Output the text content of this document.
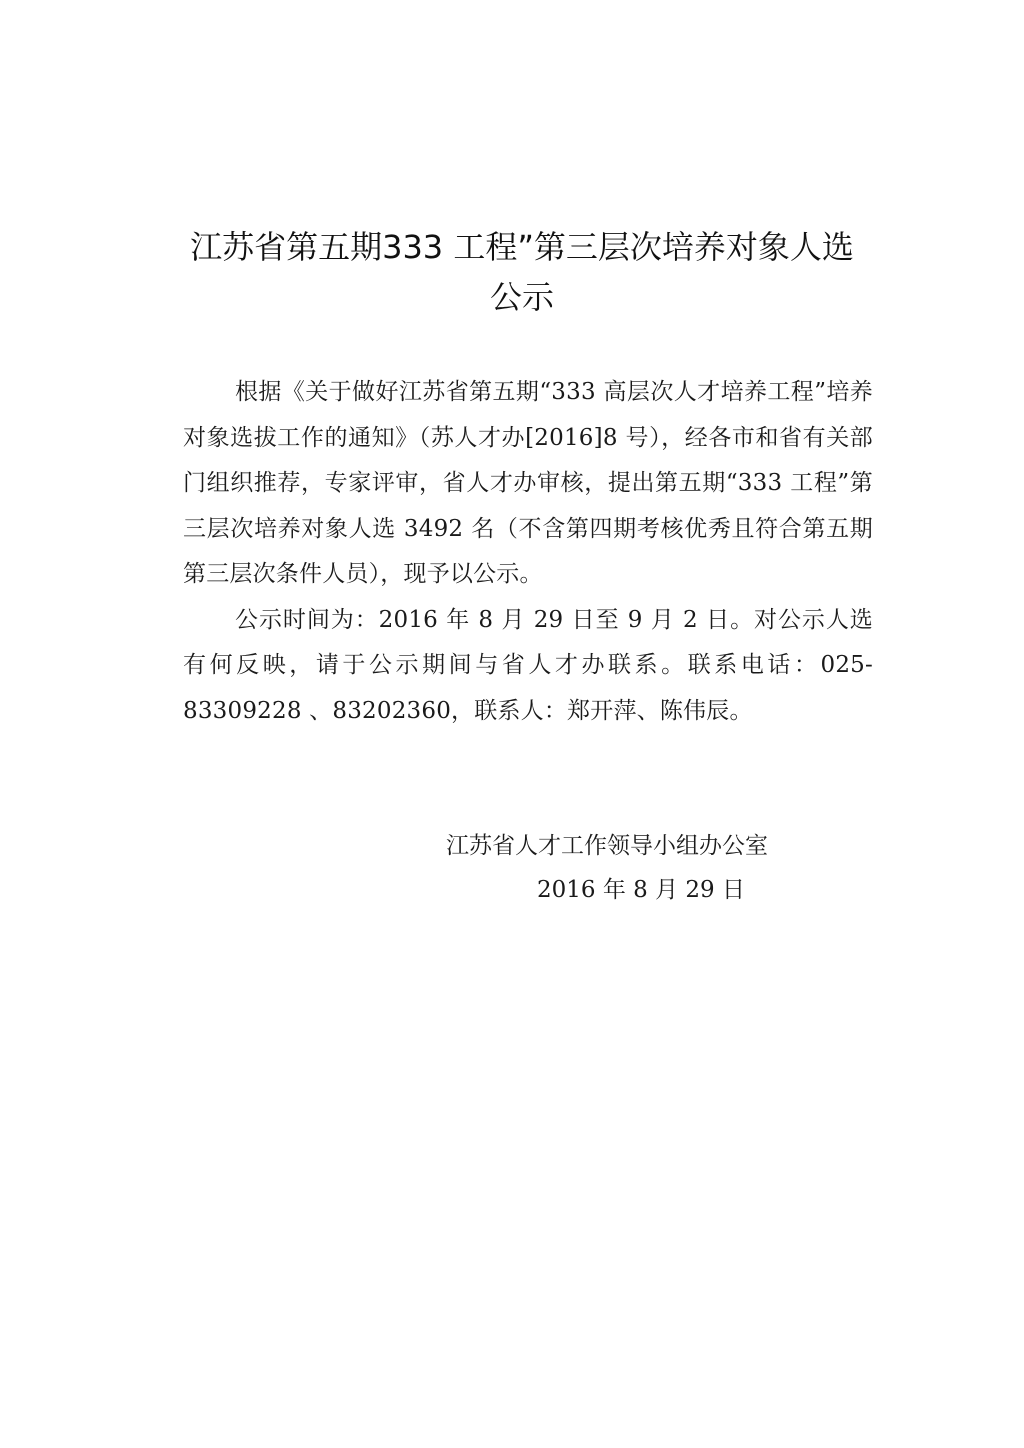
江苏省第五期333 工程”第三层次培养对象人选
公示

根据《关于做好江苏省第五期“333 高层次人才培养工程”培养对象选拔工作的通知》（苏人才办[2016]8 号），经各市和省有关部门组织推荐，专家评审，省人才办审核，提出第五期“333 工程”第三层次培养对象人选 3492 名（不含第四期考核优秀且符合第五期第三层次条件人员），现予以公示。

公示时间为：2016 年 8 月 29 日至 9 月 2 日。对公示人选有何反映，请于公示期间与省人才办联系。联系电话：025-83309228 、83202360，联系人：郑开萍、陈伟辰。

江苏省人才工作领导小组办公室
2016 年 8 月 29 日
